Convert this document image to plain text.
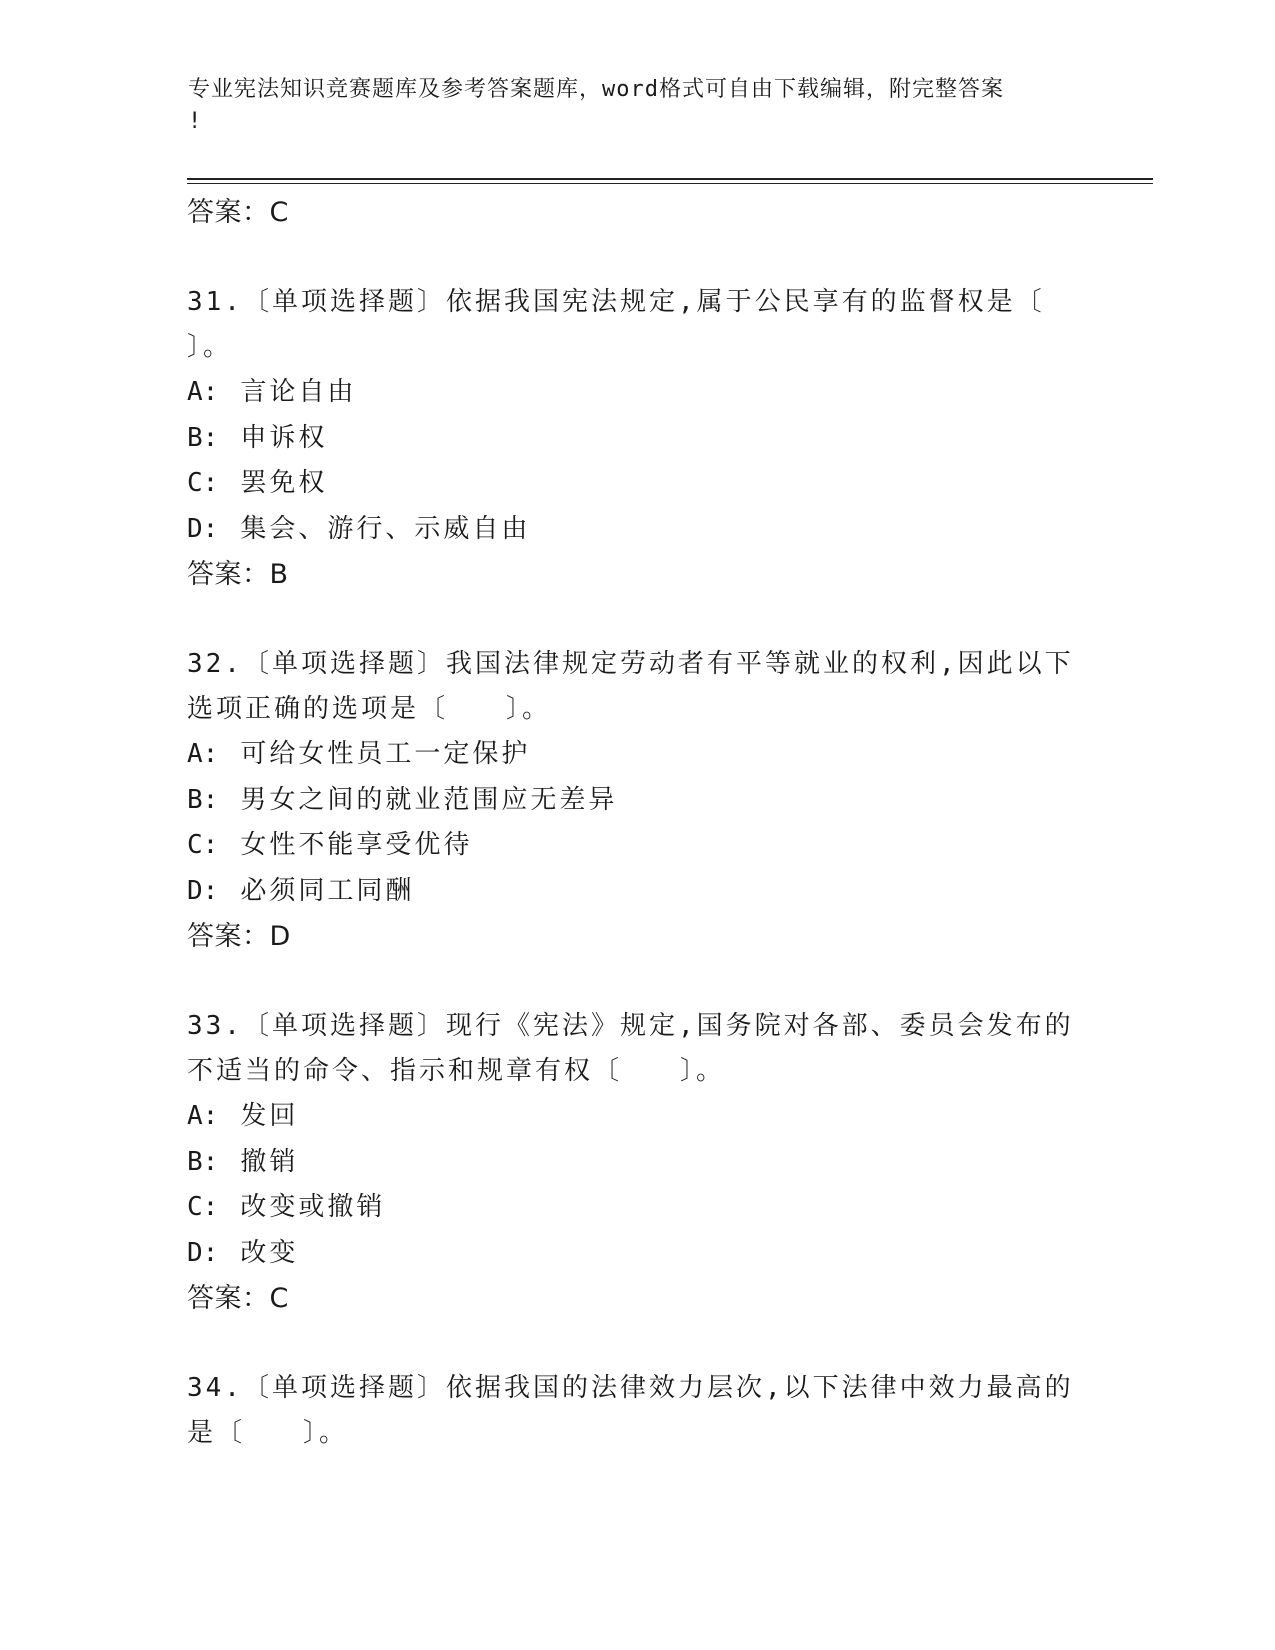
专业宪法知识竞赛题库及参考答案题库，word格式可自由下载编辑，附完整答案
!
答案：C
31.〔单项选择题〕依据我国宪法规定,属于公民享有的监督权是〔
〕。
A: 言论自由
B: 申诉权
C: 罢免权
D: 集会、游行、示威自由
答案：B
32.〔单项选择题〕我国法律规定劳动者有平等就业的权利,因此以下
选项正确的选项是〔　　〕。
A: 可给女性员工一定保护
B: 男女之间的就业范围应无差异
C: 女性不能享受优待
D: 必须同工同酬
答案：D
33.〔单项选择题〕现行《宪法》规定,国务院对各部、委员会发布的
不适当的命令、指示和规章有权〔　　〕。
A: 发回
B: 撤销
C: 改变或撤销
D: 改变
答案：C
34.〔单项选择题〕依据我国的法律效力层次,以下法律中效力最高的
是〔　　〕。
